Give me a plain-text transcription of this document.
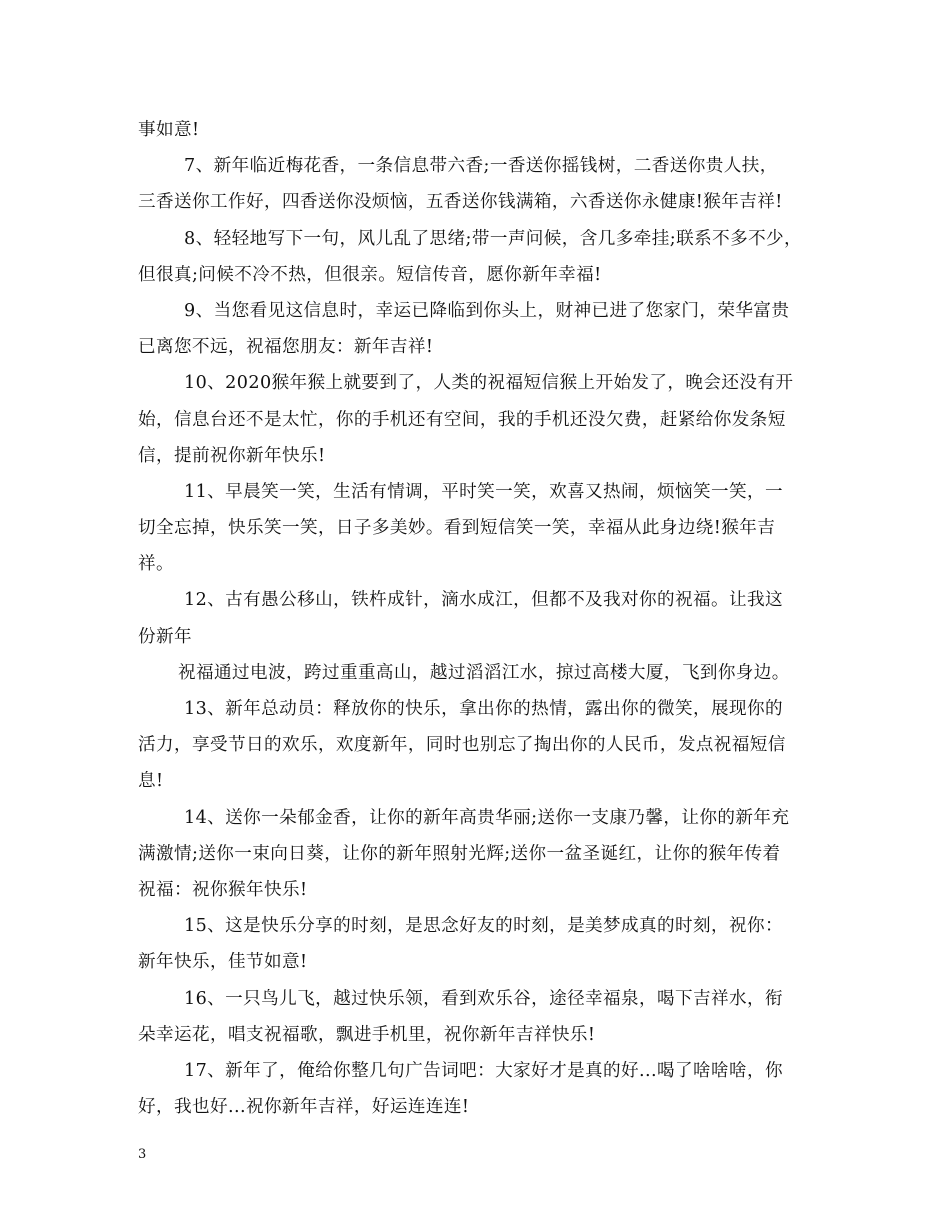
事如意!
7、新年临近梅花香，一条信息带六香;一香送你摇钱树，二香送你贵人扶，
三香送你工作好，四香送你没烦恼，五香送你钱满箱，六香送你永健康!猴年吉祥!
8、轻轻地写下一句，风儿乱了思绪;带一声问候，含几多牵挂;联系不多不少，
但很真;问候不冷不热，但很亲。短信传音，愿你新年幸福!
9、当您看见这信息时，幸运已降临到你头上，财神已进了您家门，荣华富贵
已离您不远，祝福您朋友：新年吉祥!
10、2020猴年猴上就要到了，人类的祝福短信猴上开始发了，晚会还没有开
始，信息台还不是太忙，你的手机还有空间，我的手机还没欠费，赶紧给你发条短
信，提前祝你新年快乐!
11、早晨笑一笑，生活有情调，平时笑一笑，欢喜又热闹，烦恼笑一笑，一
切全忘掉，快乐笑一笑，日子多美妙。看到短信笑一笑，幸福从此身边绕!猴年吉
祥。
12、古有愚公移山，铁杵成针，滴水成江，但都不及我对你的祝福。让我这
份新年
祝福通过电波，跨过重重高山，越过滔滔江水，掠过高楼大厦，飞到你身边。
13、新年总动员：释放你的快乐，拿出你的热情，露出你的微笑，展现你的
活力，享受节日的欢乐，欢度新年，同时也别忘了掏出你的人民币，发点祝福短信
息!
14、送你一朵郁金香，让你的新年高贵华丽;送你一支康乃馨，让你的新年充
满激情;送你一束向日葵，让你的新年照射光辉;送你一盆圣诞红，让你的猴年传着
祝福：祝你猴年快乐!
15、这是快乐分享的时刻，是思念好友的时刻，是美梦成真的时刻，祝你：
新年快乐，佳节如意!
16、一只鸟儿飞，越过快乐领，看到欢乐谷，途径幸福泉，喝下吉祥水，衔
朵幸运花，唱支祝福歌，飘进手机里，祝你新年吉祥快乐!
17、新年了，俺给你整几句广告词吧：大家好才是真的好...喝了啥啥啥，你
好，我也好...祝你新年吉祥，好运连连连!
3
